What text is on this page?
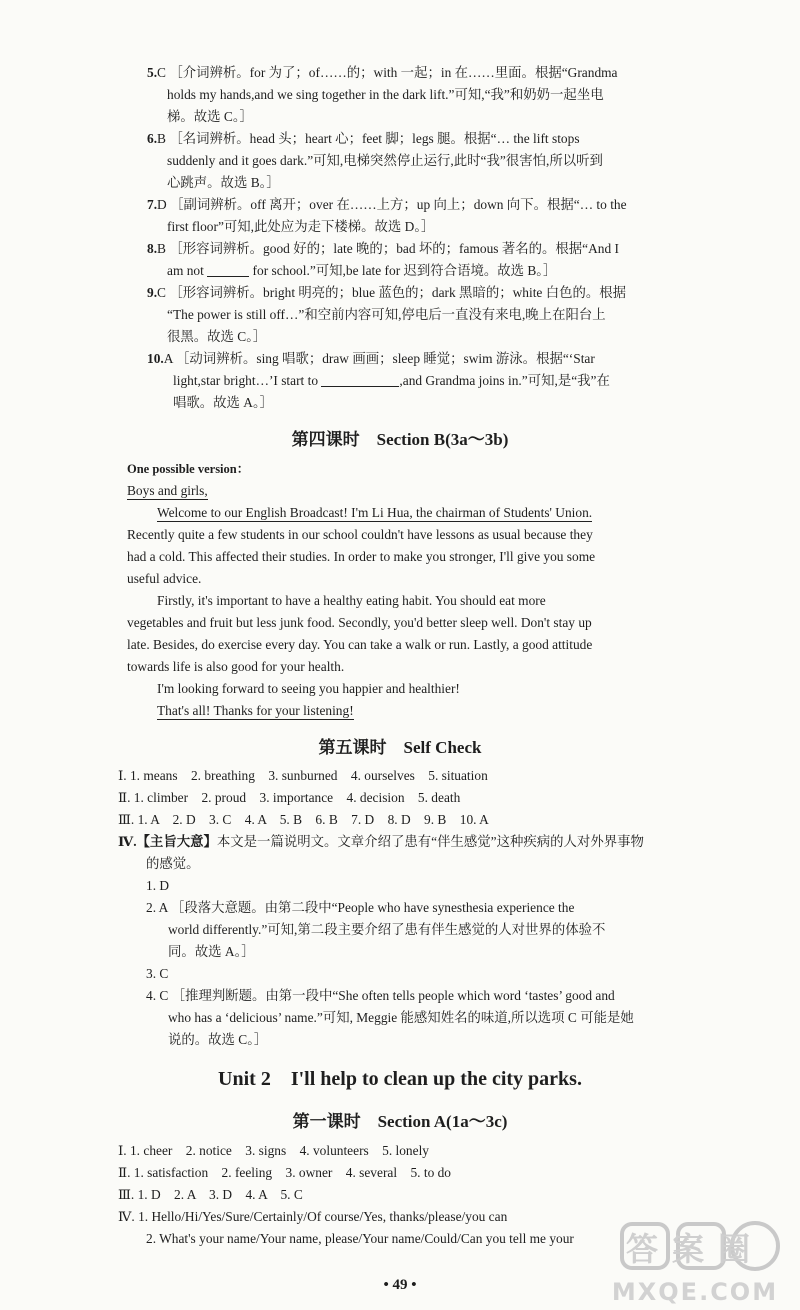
5.C ［介词辨析。for 为了；of……的；with 一起；in 在……里面。根据“Grandma
holds my hands,and we sing together in the dark lift.”可知,“我”和奶奶一起坐电
梯。故选 C。］
6.B ［名词辨析。head 头；heart 心；feet 脚；legs 腿。根据“… the lift stops
suddenly and it goes dark.”可知,电梯突然停止运行,此时“我”很害怕,所以听到
心跳声。故选 B。］
7.D ［副词辨析。off 离开；over 在……上方；up 向上；down 向下。根据“… to the
first floor”可知,此处应为走下楼梯。故选 D。］
8.B ［形容词辨析。good 好的；late 晚的；bad 坏的；famous 著名的。根据“And I
am not	for school.”可知,be late for 迟到符合语境。故选 B。］
9.C ［形容词辨析。bright 明亮的；blue 蓝色的；dark 黑暗的；white 白色的。根据
“The power is still off…”和空前内容可知,停电后一直没有来电,晚上在阳台上
很黑。故选 C。］
10.A ［动词辨析。sing 唱歌；draw 画画；sleep 睡觉；swim 游泳。根据“‘Star
light,star bright…’I start to	,and Grandma joins in.”可知,是“我”在
唱歌。故选 A。］
第四课时　Section B(3a～3b)
One possible version：
Boys and girls,
Welcome to our English Broadcast! I'm Li Hua, the chairman of Students' Union.
Recently quite a few students in our school couldn't have lessons as usual because they
had a cold. This affected their studies. In order to make you stronger, I'll give you some
useful advice.
Firstly, it's important to have a healthy eating habit. You should eat more
vegetables and fruit but less junk food. Secondly, you'd better sleep well. Don't stay up
late. Besides, do exercise every day. You can take a walk or run. Lastly, a good attitude
towards life is also good for your health.
I'm looking forward to seeing you happier and healthier!
That's all! Thanks for your listening!
第五课时　Self Check
Ⅰ. 1. means　2. breathing　3. sunburned　4. ourselves　5. situation
Ⅱ. 1. climber　2. proud　3. importance　4. decision　5. death
Ⅲ. 1. A　2. D　3. C　4. A　5. B　6. B　7. D　8. D　9. B　10. A
Ⅳ.【主旨大意】本文是一篇说明文。文章介绍了患有“伴生感觉”这种疾病的人对外界事物
的感觉。
1. D
2. A ［段落大意题。由第二段中“People who have synesthesia experience the
world differently.”可知,第二段主要介绍了患有伴生感觉的人对世界的体验不
同。故选 A。］
3. C
4. C ［推理判断题。由第一段中“She often tells people which word ‘tastes’ good and
who has a ‘delicious’ name.”可知, Meggie 能感知姓名的味道,所以选项 C 可能是她
说的。故选 C。］
Unit 2　I'll help to clean up the city parks.
第一课时　Section A(1a～3c)
Ⅰ. 1. cheer　2. notice　3. signs　4. volunteers　5. lonely
Ⅱ. 1. satisfaction　2. feeling　3. owner　4. several　5. to do
Ⅲ. 1. D　2. A　3. D　4. A　5. C
Ⅳ. 1. Hello/Hi/Yes/Sure/Certainly/Of course/Yes, thanks/please/you can
2. What's your name/Your name, please/Your name/Could/Can you tell me your
• 49 •
答案圈
MXQE.COM
